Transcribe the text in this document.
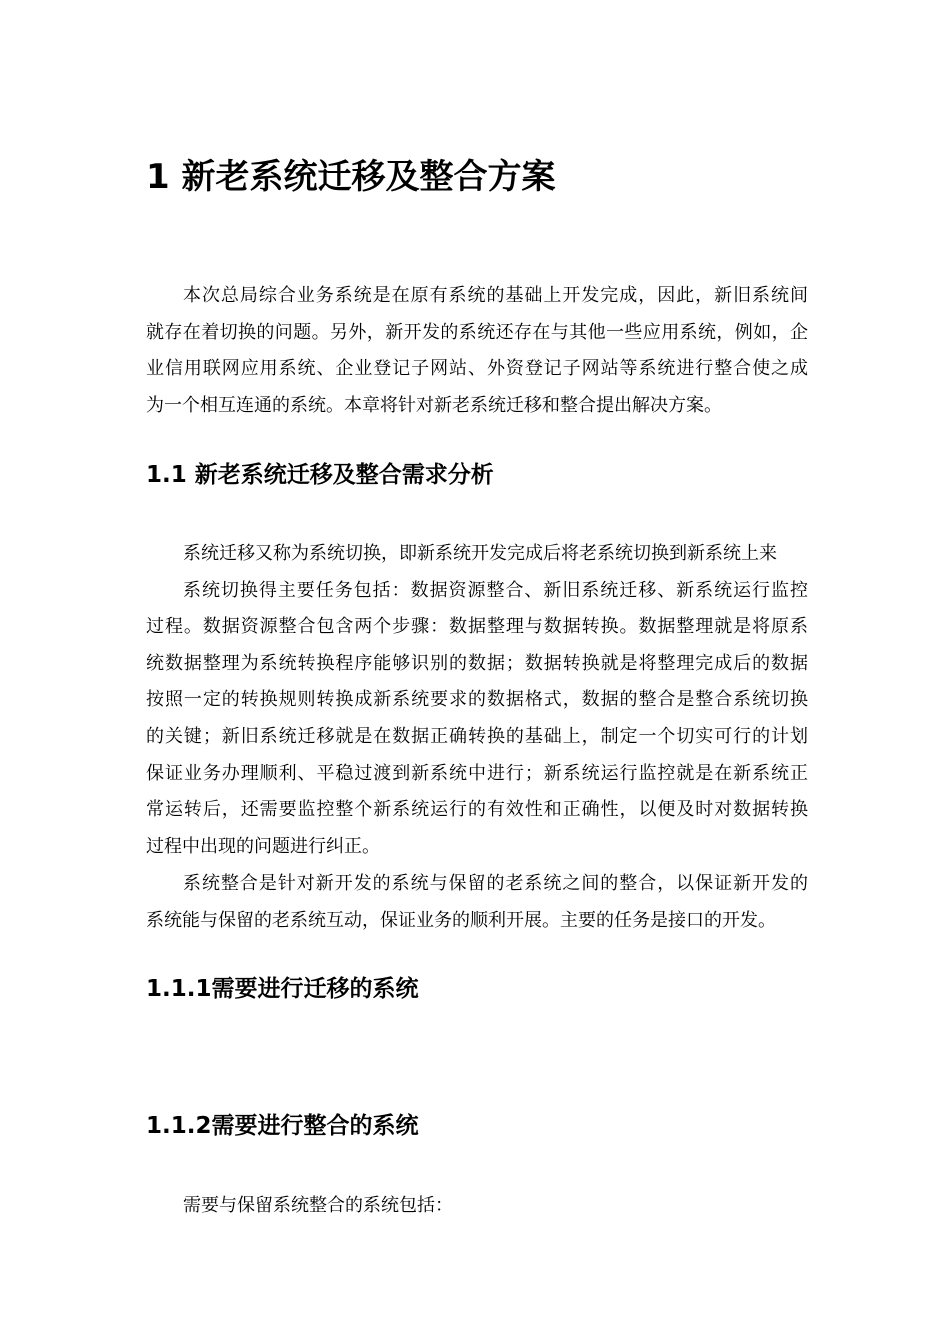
1 新老系统迁移及整合方案
本次总局综合业务系统是在原有系统的基础上开发完成，因此，新旧系统间
就存在着切换的问题。另外，新开发的系统还存在与其他一些应用系统，例如，企
业信用联网应用系统、企业登记子网站、外资登记子网站等系统进行整合使之成
为一个相互连通的系统。本章将针对新老系统迁移和整合提出解决方案。
1.1 新老系统迁移及整合需求分析
系统迁移又称为系统切换，即新系统开发完成后将老系统切换到新系统上来
系统切换得主要任务包括：数据资源整合、新旧系统迁移、新系统运行监控
过程。数据资源整合包含两个步骤：数据整理与数据转换。数据整理就是将原系
统数据整理为系统转换程序能够识别的数据；数据转换就是将整理完成后的数据
按照一定的转换规则转换成新系统要求的数据格式，数据的整合是整合系统切换
的关键；新旧系统迁移就是在数据正确转换的基础上，制定一个切实可行的计划
保证业务办理顺利、平稳过渡到新系统中进行；新系统运行监控就是在新系统正
常运转后，还需要监控整个新系统运行的有效性和正确性，以便及时对数据转换
过程中出现的问题进行纠正。
系统整合是针对新开发的系统与保留的老系统之间的整合，以保证新开发的
系统能与保留的老系统互动，保证业务的顺利开展。主要的任务是接口的开发。
1.1.1需要进行迁移的系统
1.1.2需要进行整合的系统
需要与保留系统整合的系统包括：
